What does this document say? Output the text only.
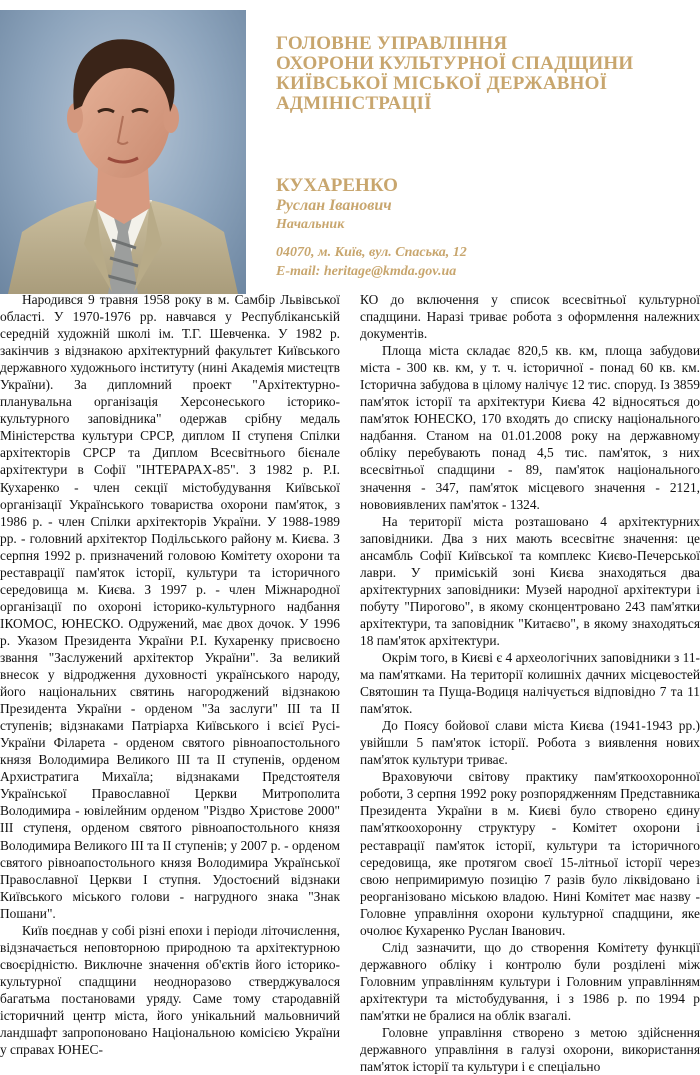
ГОЛОВНЕ УПРАВЛІННЯ
ОХОРОНИ КУЛЬТУРНОЇ СПАДЩИНИ
КИЇВСЬКОЇ МІСЬКОЇ ДЕРЖАВНОЇ
АДМІНІСТРАЦІЇ
КУХАРЕНКО
Руслан Іванович
Начальник
04070, м. Київ, вул. Спаська, 12
E-mail: heritage@kmda.gov.ua

Народився 9 травня 1958 року в м. Самбір Львівської області. У 1970-1976 рр. навчався у Республіканській середній художній школі ім. Т.Г. Шевченка. У 1982 р. закінчив з відзнакою архітектурний факультет Київського державного художнього інституту (нині Академія мистецтв України). За дипломний проект "Архітектурно-планувальна організація Херсонеського історико-культурного заповідника" одержав срібну медаль Міністерства культури СРСР, диплом ІІ ступеня Спілки архітекторів СРСР та Диплом Всесвітнього бієнале архітектури в Софії "ІНТЕРАРАХ-85". З 1982 р. Р.І. Кухаренко - член секції містобудування Київської організації Українського товариства охорони пам'яток, з 1986 р. - член Спілки архітекторів України. У 1988-1989 рр. - головний архітектор Подільського району м. Києва. З серпня 1992 р. призначений головою Комітету охорони та реставрації пам'яток історії, культури та історичного середовища м. Києва. З 1997 р. - член Міжнародної організації по охороні історико-культурного надбання ІКОМОС, ЮНЕСКО. Одружений, має двох дочок. У 1996 р. Указом Президента України Р.І. Кухаренку присвоєно звання "Заслужений архітектор України". За великий внесок у відродження духовності українського народу, його національних святинь нагороджений відзнакою Президента України - орденом "За заслуги" ІІІ та ІІ ступенів; відзнаками Патріарха Київського і всієї Русі-України Філарета - орденом святого рівноапостольного князя Володимира Великого ІІІ та ІІ ступенів, орденом Архистратига Михаїла; відзнаками Предстоятеля Української Православної Церкви Митрополита Володимира - ювілейним орденом "Різдво Христове 2000" ІІІ ступеня, орденом святого рівноапостольного князя Володимира Великого ІІІ та ІІ ступенів; у 2007 р. - орденом святого рівноапостольного князя Володимира Української Православної Церкви І ступня. Удостоєний відзнаки Київського міського голови - нагрудного знака "Знак Пошани".

Київ поєднав у собі різні епохи і періоди літочислення, відзначається неповторною природною та архітектурною своєрідністю. Виключне значення об'єктів його історико-культурної спадщини неодноразово стверджувалося багатьма постановами уряду. Саме тому стародавній історичний центр міста, його унікальний мальовничий ландшафт запропоновано Національною комісією України у справах ЮНЕС-

КО до включення у список всесвітньої культурної спадщини. Наразі триває робота з оформлення належних документів.

Площа міста складає 820,5 кв. км, площа забудови міста - 300 кв. км, у т. ч. історичної - понад 60 кв. км. Історична забудова в цілому налічує 12 тис. споруд. Із 3859 пам'яток історії та архітектури Києва 42 відносяться до пам'яток ЮНЕСКО, 170 входять до списку національного надбання. Станом на 01.01.2008 року на державному обліку перебувають понад 4,5 тис. пам'яток, з них всесвітньої спадщини - 89, пам'яток національного значення - 347, пам'яток місцевого значення - 2121, нововиявлених пам'яток - 1324.

На території міста розташовано 4 архітектурних заповідники. Два з них мають всесвітнє значення: це ансамбль Софії Київської та комплекс Києво-Печерської лаври. У приміській зоні Києва знаходяться два архітектурних заповідники: Музей народної архітектури і побуту "Пирогово", в якому сконцентровано 243 пам'ятки архітектури, та заповідник "Китаєво", в якому знаходяться 18 пам'яток архітектури.

Окрім того, в Києві є 4 археологічних заповідники з 11-ма пам'ятками. На території колишніх дачних місцевостей Святошин та Пуща-Водиця налічується відповідно 7 та 11 пам'яток.

До Поясу бойової слави міста Києва (1941-1943 рр.) увійшли 5 пам'яток історії. Робота з виявлення нових пам'яток культури триває.

Враховуючи світову практику пам'яткоохоронної роботи, 3 серпня 1992 року розпорядженням Представника Президента України в м. Києві було створено єдину пам'яткоохоронну структуру - Комітет охорони і реставрації пам'яток історії, культури та історичного середовища, яке протягом своєї 15-літньої історії через свою непримиримую позицію 7 разів було ліквідовано і реорганізовано міською владою. Нині Комітет має назву - Головне управління охорони культурної спадщини, яке очолює Кухаренко Руслан Іванович.

Слід зазначити, що до створення Комітету функції державного обліку і контролю були розділені між Головним управлінням культури і Головним управлінням архітектури та містобудування, і з 1986 р. по 1994 р пам'ятки не бралися на облік взагалі.

Головне управління створено з метою здійснення державного управління в галузі охорони, використання пам'яток історії та культури і є спеціально
